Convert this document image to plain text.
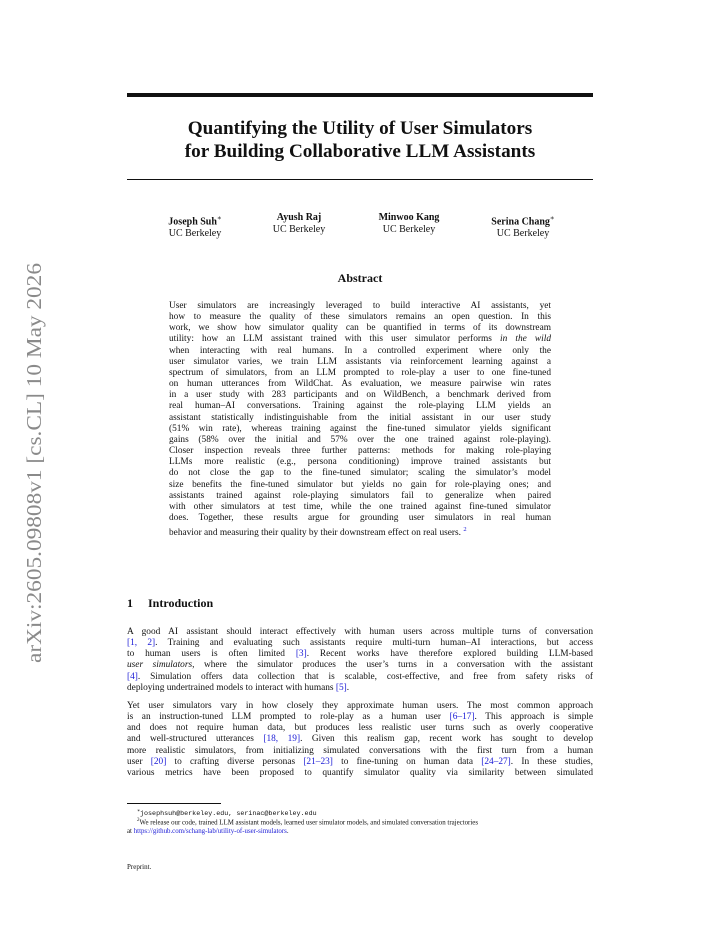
arXiv:2605.09808v1 [cs.CL] 10 May 2026
Quantifying the Utility of User Simulators
for Building Collaborative LLM Assistants
Joseph Suh∗
UC Berkeley
Ayush Raj
UC Berkeley
Minwoo Kang
UC Berkeley
Serina Chang∗
UC Berkeley
Abstract
User simulators are increasingly leveraged to build interactive AI assistants, yet
how to measure the quality of these simulators remains an open question. In this
work, we show how simulator quality can be quantified in terms of its downstream
utility: how an LLM assistant trained with this user simulator performs in the wild
when interacting with real humans. In a controlled experiment where only the
user simulator varies, we train LLM assistants via reinforcement learning against a
spectrum of simulators, from an LLM prompted to role-play a user to one fine-tuned
on human utterances from WildChat. As evaluation, we measure pairwise win rates
in a user study with 283 participants and on WildBench, a benchmark derived from
real human–AI conversations. Training against the role-playing LLM yields an
assistant statistically indistinguishable from the initial assistant in our user study
(51% win rate), whereas training against the fine-tuned simulator yields significant
gains (58% over the initial and 57% over the one trained against role-playing).
Closer inspection reveals three further patterns: methods for making role-playing
LLMs more realistic (e.g., persona conditioning) improve trained assistants but
do not close the gap to the fine-tuned simulator; scaling the simulator’s model
size benefits the fine-tuned simulator but yields no gain for role-playing ones; and
assistants trained against role-playing simulators fail to generalize when paired
with other simulators at test time, while the one trained against fine-tuned simulator
does. Together, these results argue for grounding user simulators in real human
behavior and measuring their quality by their downstream effect on real users. $^2$
1 Introduction
A good AI assistant should interact effectively with human users across multiple turns of conversation
[1, 2]. Training and evaluating such assistants require multi-turn human–AI interactions, but access
to human users is often limited [3]. Recent works have therefore explored building LLM-based
user simulators, where the simulator produces the user’s turns in a conversation with the assistant
[4]. Simulation offers data collection that is scalable, cost-effective, and free from safety risks of
deploying undertrained models to interact with humans [5].
Yet user simulators vary in how closely they approximate human users. The most common approach
is an instruction-tuned LLM prompted to role-play as a human user [6–17]. This approach is simple
and does not require human data, but produces less realistic user turns such as overly cooperative
and well-structured utterances [18, 19]. Given this realism gap, recent work has sought to develop
more realistic simulators, from initializing simulated conversations with the first turn from a human
user [20] to crafting diverse personas [21–23] to fine-tuning on human data [24–27]. In these studies,
various metrics have been proposed to quantify simulator quality via similarity between simulated
∗josephsuh@berkeley.edu, serinac@berkeley.edu
$^2$We release our code, trained LLM assistant models, learned user simulator models, and simulated conversation trajectories
at https://github.com/schang-lab/utility-of-user-simulators.
Preprint.
